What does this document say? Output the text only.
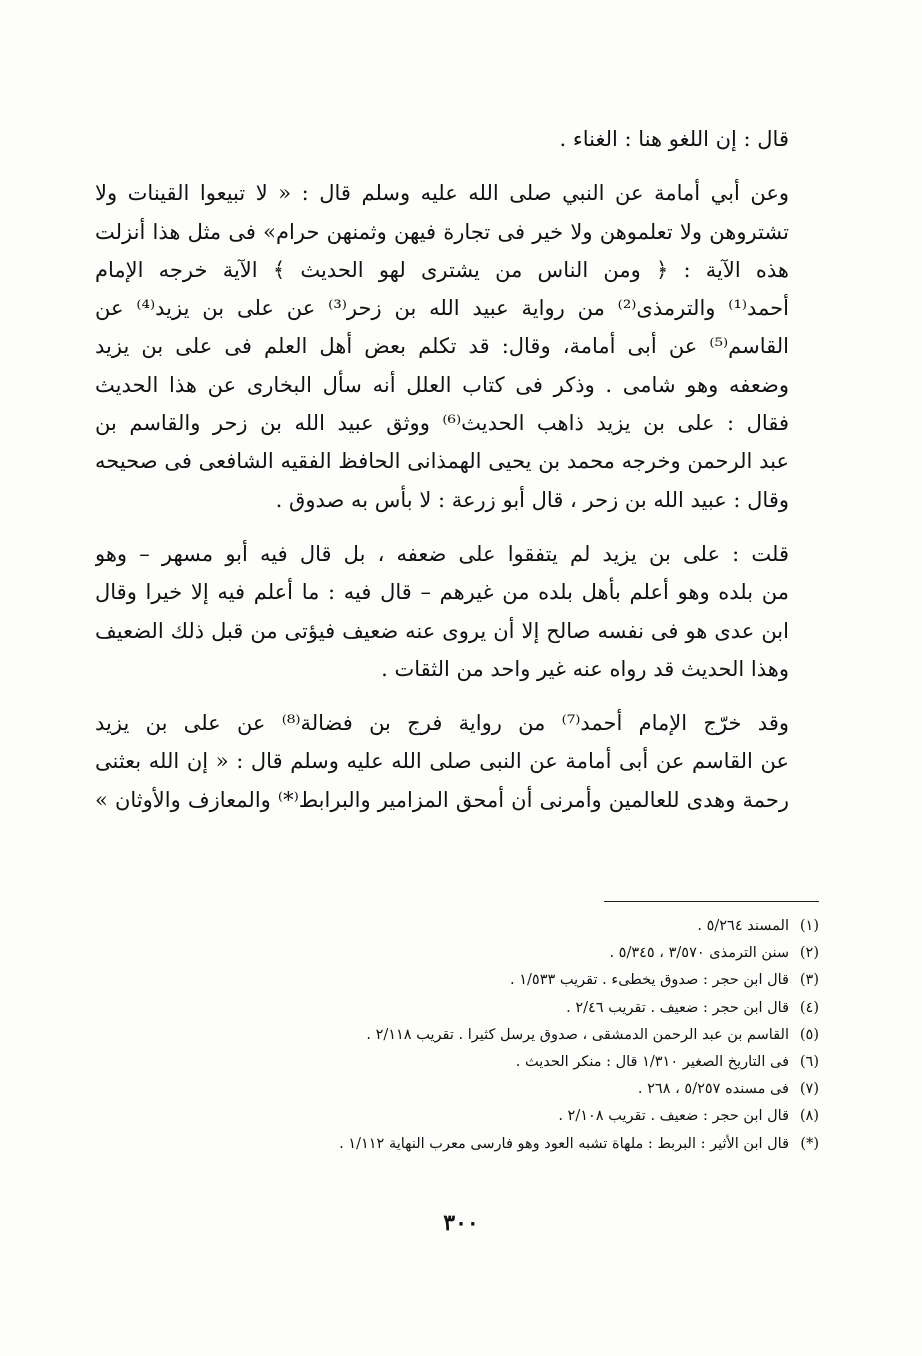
قال : إن اللغو هنا : الغناء .

وعن أبي أمامة عن النبي صلى الله عليه وسلم قال : « لا تبيعوا القينات ولا
تشتروهن ولا تعلموهن ولا خير فى تجارة فيهن وثمنهن حرام» فى مثل هذا أنزلت
هذه الآية : ﴿ ومن الناس من يشترى لهو الحديث ﴾ الآية خرجه الإمام
أحمد⁽¹⁾ والترمذى⁽²⁾ من رواية عبيد الله بن زحر⁽³⁾ عن على بن يزيد⁽⁴⁾ عن
القاسم⁽⁵⁾ عن أبى أمامة، وقال: قد تكلم بعض أهل العلم فى على بن يزيد
وضعفه وهو شامى . وذكر فى كتاب العلل أنه سأل البخارى عن هذا الحديث
فقال : على بن يزيد ذاهب الحديث⁽⁶⁾ ووثق عبيد الله بن زحر والقاسم بن
عبد الرحمن وخرجه محمد بن يحيى الهمذانى الحافظ الفقيه الشافعى فى صحيحه
وقال : عبيد الله بن زحر ، قال أبو زرعة : لا بأس به صدوق .

قلت : على بن يزيد لم يتفقوا على ضعفه ، بل قال فيه أبو مسهر – وهو
من بلده وهو أعلم بأهل بلده من غيرهم – قال فيه : ما أعلم فيه إلا خيرا وقال
ابن عدى هو فى نفسه صالح إلا أن يروى عنه ضعيف فيؤتى من قبل ذلك الضعيف
وهذا الحديث قد رواه عنه غير واحد من الثقات .

وقد خرّج الإمام أحمد⁽⁷⁾ من رواية فرج بن فضالة⁽⁸⁾ عن على بن يزيد
عن القاسم عن أبى أمامة عن النبى صلى الله عليه وسلم قال : « إن الله بعثنى
رحمة وهدى للعالمين وأمرنى أن أمحق المزامير والبرابط⁽*⁾ والمعازف والأوثان »

(١)المسند ٥/٢٦٤ .
(٢)سنن الترمذى ٣/٥٧٠ ، ٥/٣٤٥ .
(٣)قال ابن حجر : صدوق يخطىء . تقريب ١/٥٣٣ .
(٤)قال ابن حجر : ضعيف . تقريب ٢/٤٦ .
(٥)القاسم بن عبد الرحمن الدمشقى ، صدوق يرسل كثيرا . تقريب ٢/١١٨ .
(٦)فى التاريخ الصغير ١/٣١٠ قال : منكر الحديث .
(٧)فى مسنده ٥/٢٥٧ ، ٢٦٨ .
(٨)قال ابن حجر : ضعيف . تقريب ٢/١٠٨ .
(*)قال ابن الأثير : البربط : ملهاة تشبه العود وهو فارسى معرب النهاية ١/١١٢ .
٣٠٠
